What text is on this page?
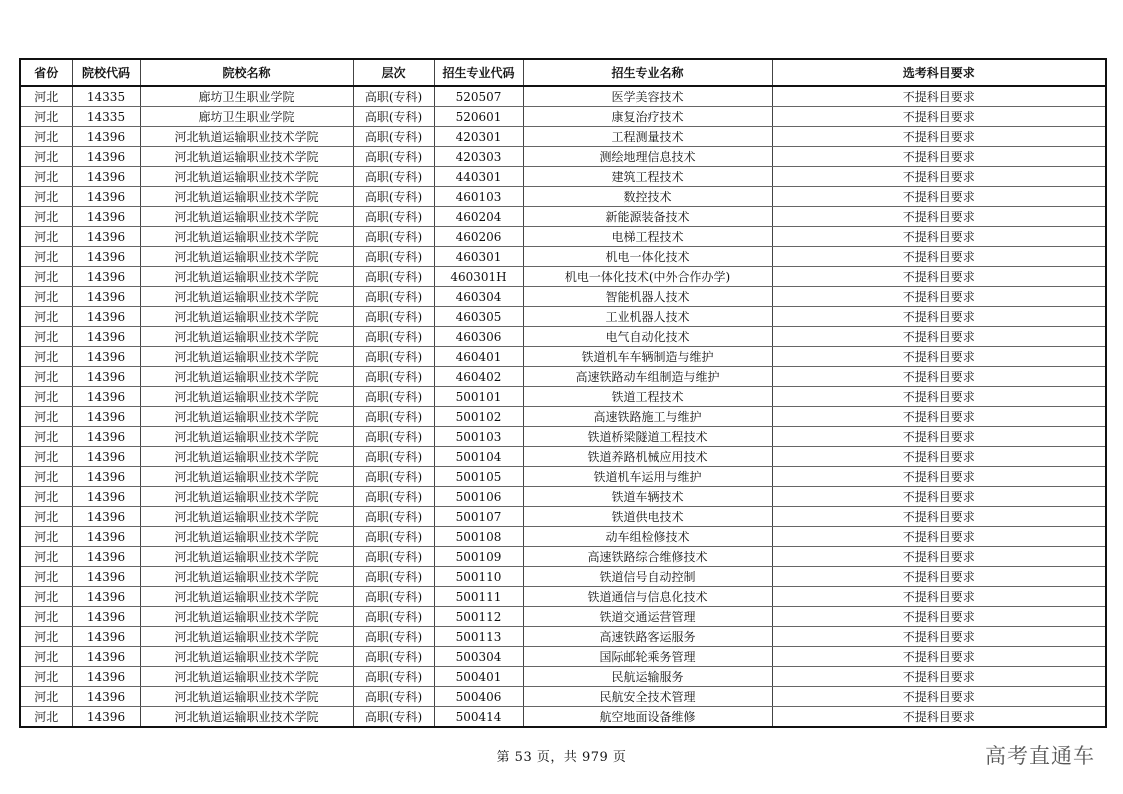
省份	院校代码	院校名称	层次	招生专业代码	招生专业名称	选考科目要求
河北	14335	廊坊卫生职业学院	高职(专科)	520507	医学美容技术	不提科目要求
河北	14335	廊坊卫生职业学院	高职(专科)	520601	康复治疗技术	不提科目要求
河北	14396	河北轨道运输职业技术学院	高职(专科)	420301	工程测量技术	不提科目要求
河北	14396	河北轨道运输职业技术学院	高职(专科)	420303	测绘地理信息技术	不提科目要求
河北	14396	河北轨道运输职业技术学院	高职(专科)	440301	建筑工程技术	不提科目要求
河北	14396	河北轨道运输职业技术学院	高职(专科)	460103	数控技术	不提科目要求
河北	14396	河北轨道运输职业技术学院	高职(专科)	460204	新能源装备技术	不提科目要求
河北	14396	河北轨道运输职业技术学院	高职(专科)	460206	电梯工程技术	不提科目要求
河北	14396	河北轨道运输职业技术学院	高职(专科)	460301	机电一体化技术	不提科目要求
河北	14396	河北轨道运输职业技术学院	高职(专科)	460301H	机电一体化技术(中外合作办学)	不提科目要求
河北	14396	河北轨道运输职业技术学院	高职(专科)	460304	智能机器人技术	不提科目要求
河北	14396	河北轨道运输职业技术学院	高职(专科)	460305	工业机器人技术	不提科目要求
河北	14396	河北轨道运输职业技术学院	高职(专科)	460306	电气自动化技术	不提科目要求
河北	14396	河北轨道运输职业技术学院	高职(专科)	460401	铁道机车车辆制造与维护	不提科目要求
河北	14396	河北轨道运输职业技术学院	高职(专科)	460402	高速铁路动车组制造与维护	不提科目要求
河北	14396	河北轨道运输职业技术学院	高职(专科)	500101	铁道工程技术	不提科目要求
河北	14396	河北轨道运输职业技术学院	高职(专科)	500102	高速铁路施工与维护	不提科目要求
河北	14396	河北轨道运输职业技术学院	高职(专科)	500103	铁道桥梁隧道工程技术	不提科目要求
河北	14396	河北轨道运输职业技术学院	高职(专科)	500104	铁道养路机械应用技术	不提科目要求
河北	14396	河北轨道运输职业技术学院	高职(专科)	500105	铁道机车运用与维护	不提科目要求
河北	14396	河北轨道运输职业技术学院	高职(专科)	500106	铁道车辆技术	不提科目要求
河北	14396	河北轨道运输职业技术学院	高职(专科)	500107	铁道供电技术	不提科目要求
河北	14396	河北轨道运输职业技术学院	高职(专科)	500108	动车组检修技术	不提科目要求
河北	14396	河北轨道运输职业技术学院	高职(专科)	500109	高速铁路综合维修技术	不提科目要求
河北	14396	河北轨道运输职业技术学院	高职(专科)	500110	铁道信号自动控制	不提科目要求
河北	14396	河北轨道运输职业技术学院	高职(专科)	500111	铁道通信与信息化技术	不提科目要求
河北	14396	河北轨道运输职业技术学院	高职(专科)	500112	铁道交通运营管理	不提科目要求
河北	14396	河北轨道运输职业技术学院	高职(专科)	500113	高速铁路客运服务	不提科目要求
河北	14396	河北轨道运输职业技术学院	高职(专科)	500304	国际邮轮乘务管理	不提科目要求
河北	14396	河北轨道运输职业技术学院	高职(专科)	500401	民航运输服务	不提科目要求
河北	14396	河北轨道运输职业技术学院	高职(专科)	500406	民航安全技术管理	不提科目要求
河北	14396	河北轨道运输职业技术学院	高职(专科)	500414	航空地面设备维修	不提科目要求
第 53 页，共 979 页	高考直通车
